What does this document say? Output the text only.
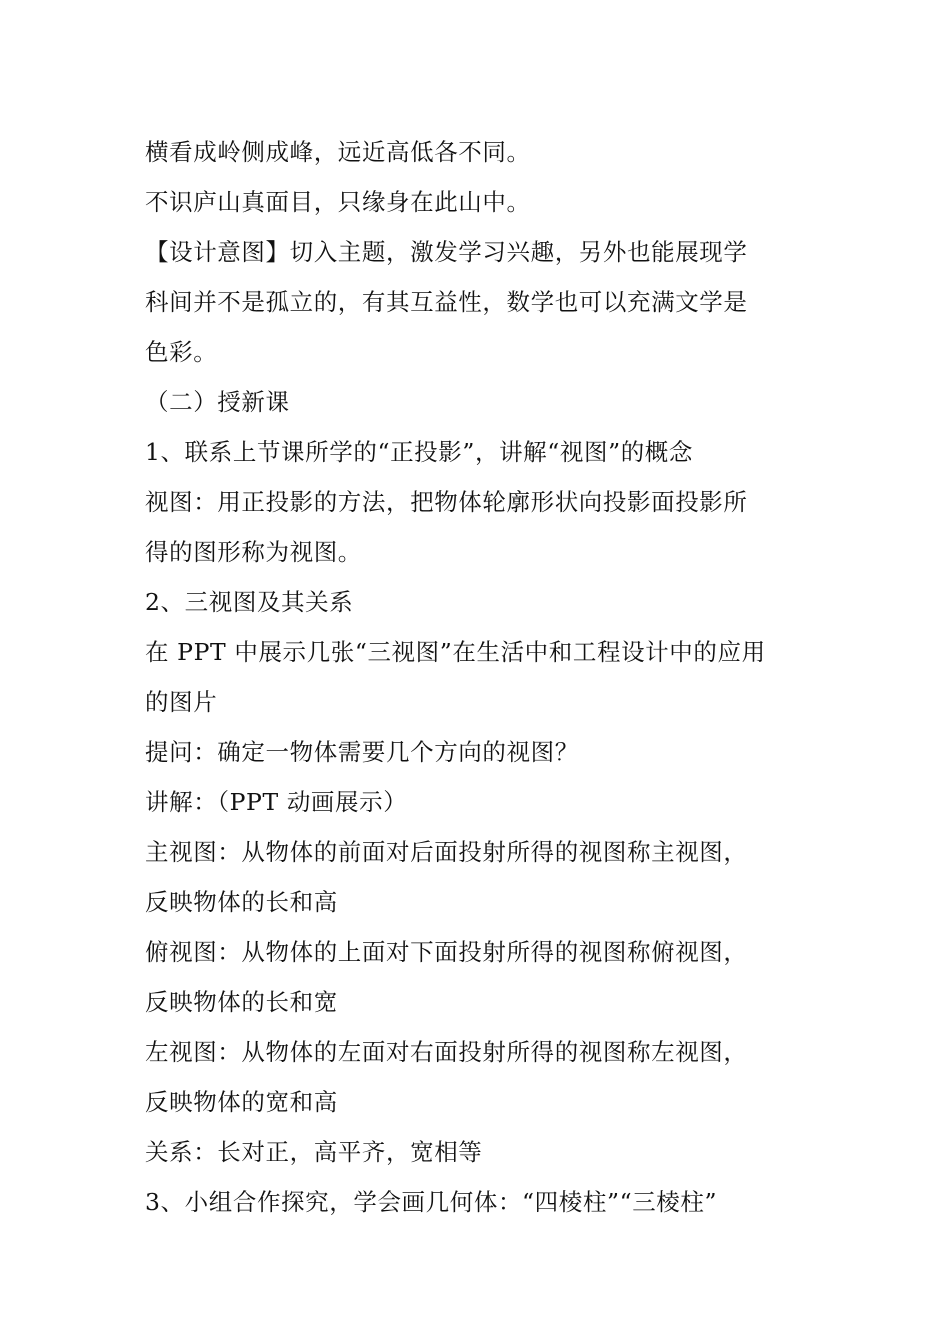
横看成岭侧成峰，远近高低各不同。
不识庐山真面目，只缘身在此山中。
【设计意图】切入主题，激发学习兴趣，另外也能展现学
科间并不是孤立的，有其互益性，数学也可以充满文学是
色彩。
（二）授新课
1、联系上节课所学的“正投影”，讲解“视图”的概念
视图：用正投影的方法，把物体轮廓形状向投影面投影所
得的图形称为视图。
2、三视图及其关系
在 PPT 中展示几张“三视图”在生活中和工程设计中的应用
的图片
提问：确定一物体需要几个方向的视图？
讲解：（PPT 动画展示）
主视图：从物体的前面对后面投射所得的视图称主视图，
反映物体的长和高
俯视图：从物体的上面对下面投射所得的视图称俯视图，
反映物体的长和宽
左视图：从物体的左面对右面投射所得的视图称左视图，
反映物体的宽和高
关系：长对正，高平齐，宽相等
3、小组合作探究，学会画几何体：“四棱柱”“三棱柱”
